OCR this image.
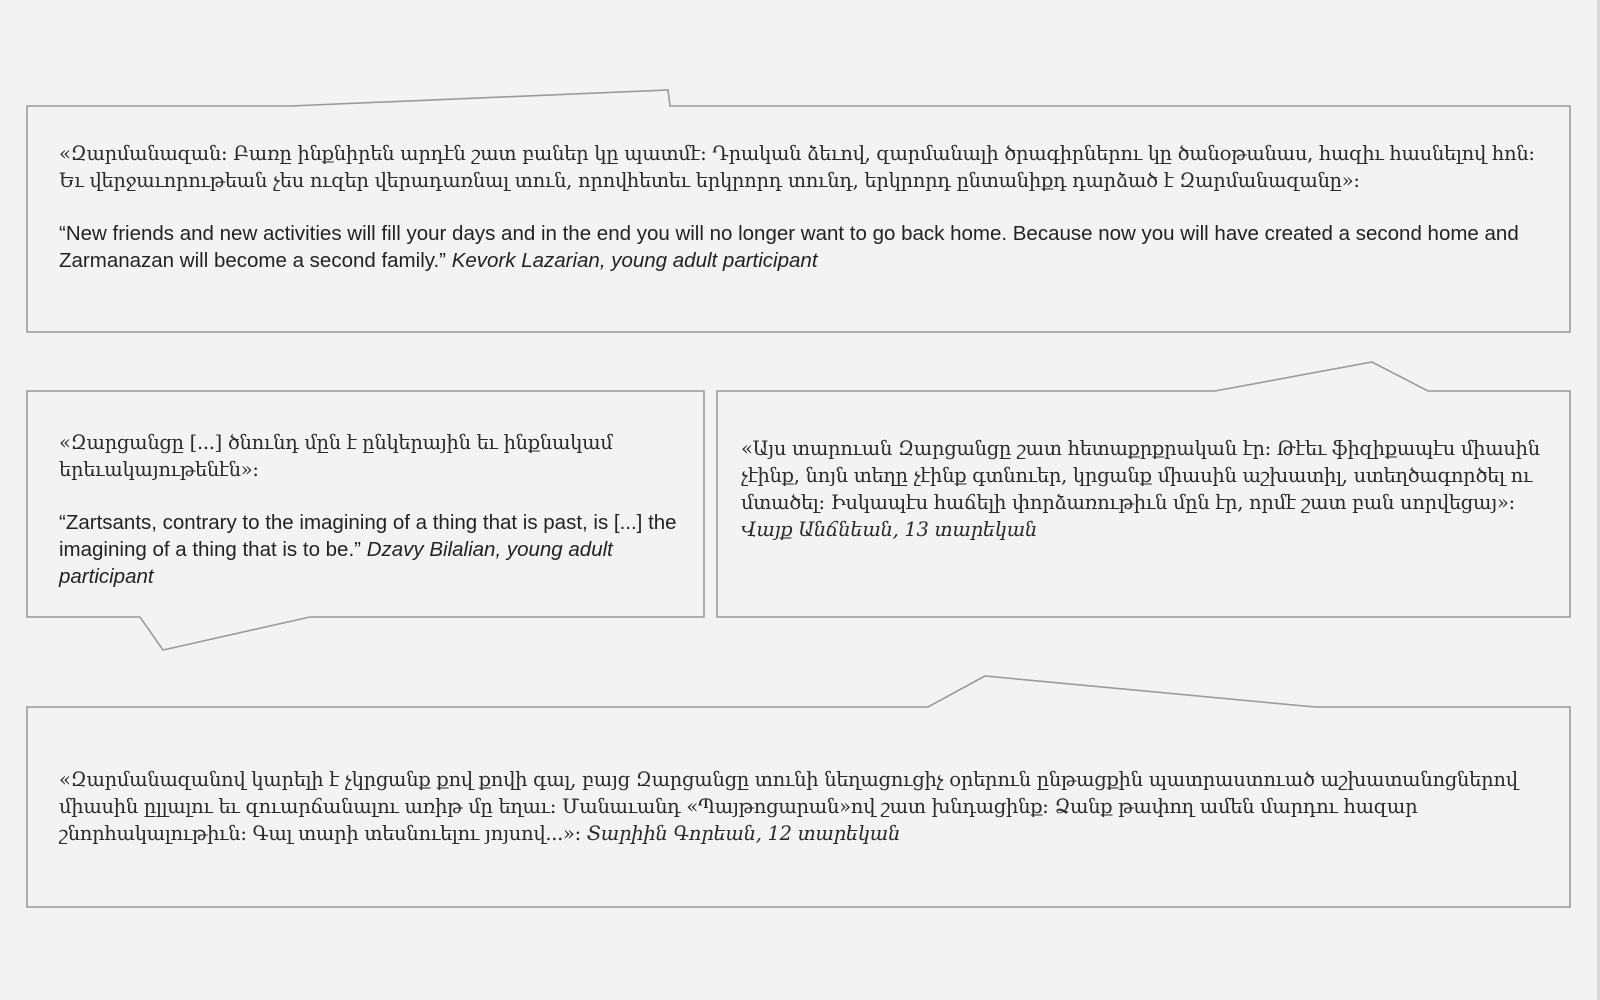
«Զարմանազան։ Բառը ինքնիրեն արդէն շատ բաներ կը պատմէ: Դրական ձեւով, զարմանալի ծրագիրներու կը ծանօթանաս, հազիւ հասնելով հոն: Եւ վերջաւորութեան չես ուզեր վերադառնալ տուն, որովհետեւ երկրորդ տունդ, երկրորդ ընտանիքդ դարձած է Զարմանազանը»:

“New friends and new activities will fill your days and in the end you will no longer want to go back home. Because now you will have created a second home and Zarmanazan will become a second family.” Kevork Lazarian, young adult participant

«Զարցանցը [...] ծնունդ մըն է ընկերային եւ ինքնակամ երեւակայութենէն»:

“Zartsants, contrary to the imagining of a thing that is past, is [...] the imagining of a thing that is to be.” Dzavy Bilalian, young adult participant

«Այս տարուան Զարցանցը շատ հետաքրքրական էր: Թէեւ ֆիզիքապէս միասին չէինք, նոյն տեղը չէինք գտնուեր, կրցանք միասին աշխատիլ, ստեղծագործել ու մտածել: Իսկապէս հաճելի փորձառութիւն մըն էր, որմէ շատ բան սորվեցայ»: Վայք Անճնեան, 13 տարեկան

«Զարմանազանով կարելի է չկրցանք քով քովի գալ, բայց Զարցանցը տունի նեղացուցիչ օրերուն ընթացքին պատրաստուած աշխատանոցներով միասին ըլլալու եւ զուարճանալու առիթ մը եղաւ: Մանաւանդ «Պայթոցարան»ով շատ խնդացինք: Ձանք թափող ամեն մարդու հազար շնորհակալութիւն: Գալ տարի տեսնուելու յոյսով...»: Տարիին Գորեան, 12 տարեկան
